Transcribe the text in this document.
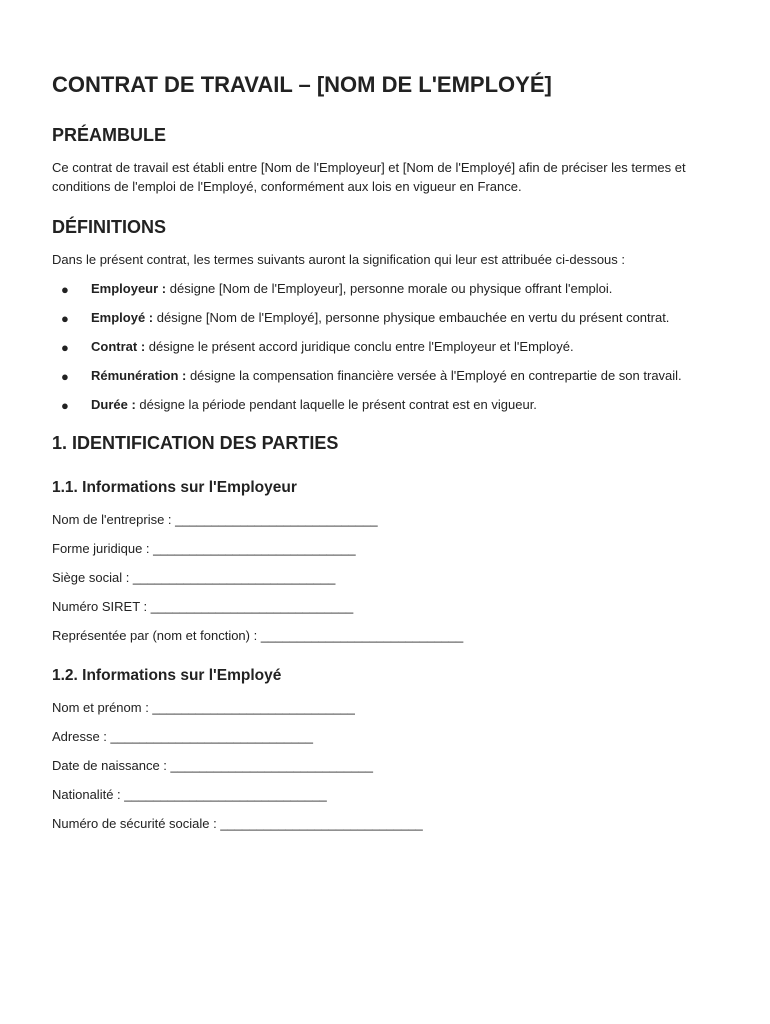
CONTRAT DE TRAVAIL – [NOM DE L'EMPLOYÉ]
PRÉAMBULE

Ce contrat de travail est établi entre [Nom de l'Employeur] et [Nom de l'Employé] afin de préciser les termes et conditions de l'emploi de l'Employé, conformément aux lois en vigueur en France.

DÉFINITIONS

Dans le présent contrat, les termes suivants auront la signification qui leur est attribuée ci-dessous :

● Employeur : désigne [Nom de l'Employeur], personne morale ou physique offrant l'emploi.
● Employé : désigne [Nom de l'Employé], personne physique embauchée en vertu du présent contrat.
● Contrat : désigne le présent accord juridique conclu entre l'Employeur et l'Employé.
● Rémunération : désigne la compensation financière versée à l'Employé en contrepartie de son travail.
● Durée : désigne la période pendant laquelle le présent contrat est en vigueur.
1. IDENTIFICATION DES PARTIES
1.1. Informations sur l'Employeur

Nom de l'entreprise : ____________________________

Forme juridique : ____________________________

Siège social : ____________________________

Numéro SIRET : ____________________________

Représentée par (nom et fonction) : ____________________________

1.2. Informations sur l'Employé

Nom et prénom : ____________________________

Adresse : ____________________________

Date de naissance : ____________________________

Nationalité : ____________________________

Numéro de sécurité sociale : ____________________________
